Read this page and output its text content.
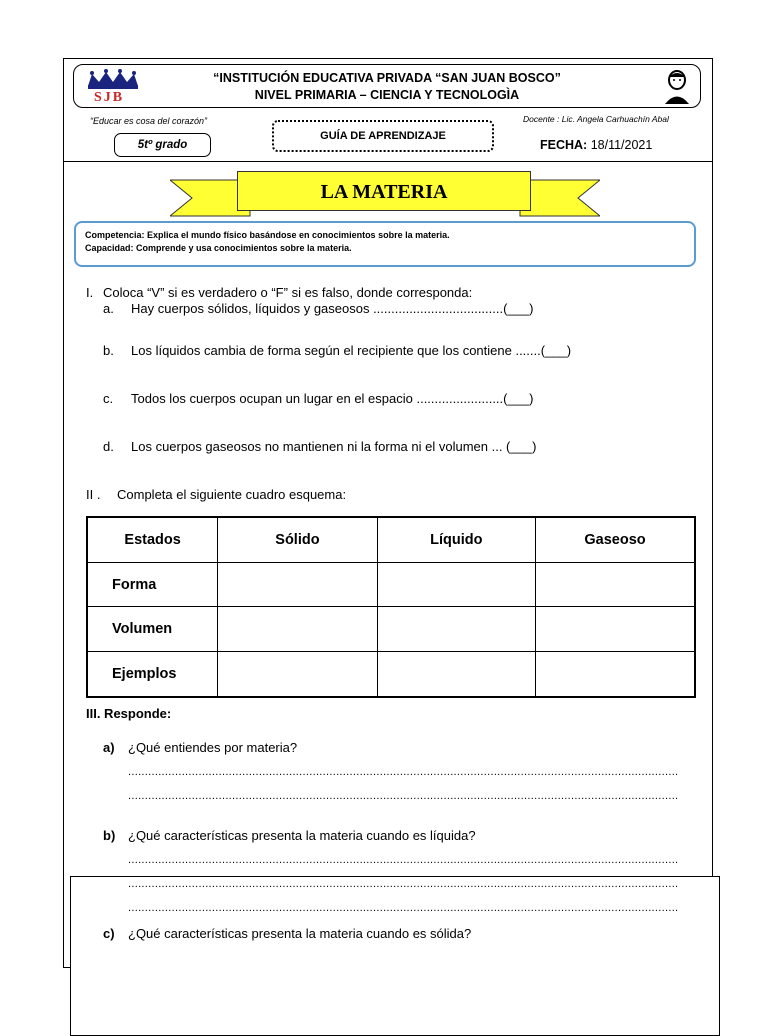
SJB
“INSTITUCIÓN EDUCATIVA PRIVADA “SAN JUAN BOSCO”
NIVEL PRIMARIA – CIENCIA Y TECNOLOGÌA
“Educar es cosa del corazón”
5tº grado
GUÍA DE APRENDIZAJE
Docente : Lic. Angela Carhuachín Abal
FECHA: 18/11/2021
LA MATERIA
Competencia: Explica el mundo físico basándose en conocimientos sobre la materia.
Capacidad: Comprende y usa conocimientos sobre la materia.
I. Coloca “V” si es verdadero o “F” si es falso, donde corresponda:
a. Hay cuerpos sólidos, líquidos y gaseosos ....................................(___)
b. Los líquidos cambia de forma según el recipiente que los contiene .......(___)
c. Todos los cuerpos ocupan un lugar en el espacio ........................(___)
d. Los cuerpos gaseosos no mantienen ni la forma ni el volumen ... (___)
II . Completa el siguiente cuadro esquema:
Estados	Sólido	Líquido	Gaseoso
Forma			
Volumen			
Ejemplos			
III. Responde:
a) ¿Qué entiendes por materia?
....................................................................................................................................................................
....................................................................................................................................................................
b) ¿Qué características presenta la materia cuando es líquida?
....................................................................................................................................................................
....................................................................................................................................................................
....................................................................................................................................................................
c) ¿Qué características presenta la materia cuando es sólida?
